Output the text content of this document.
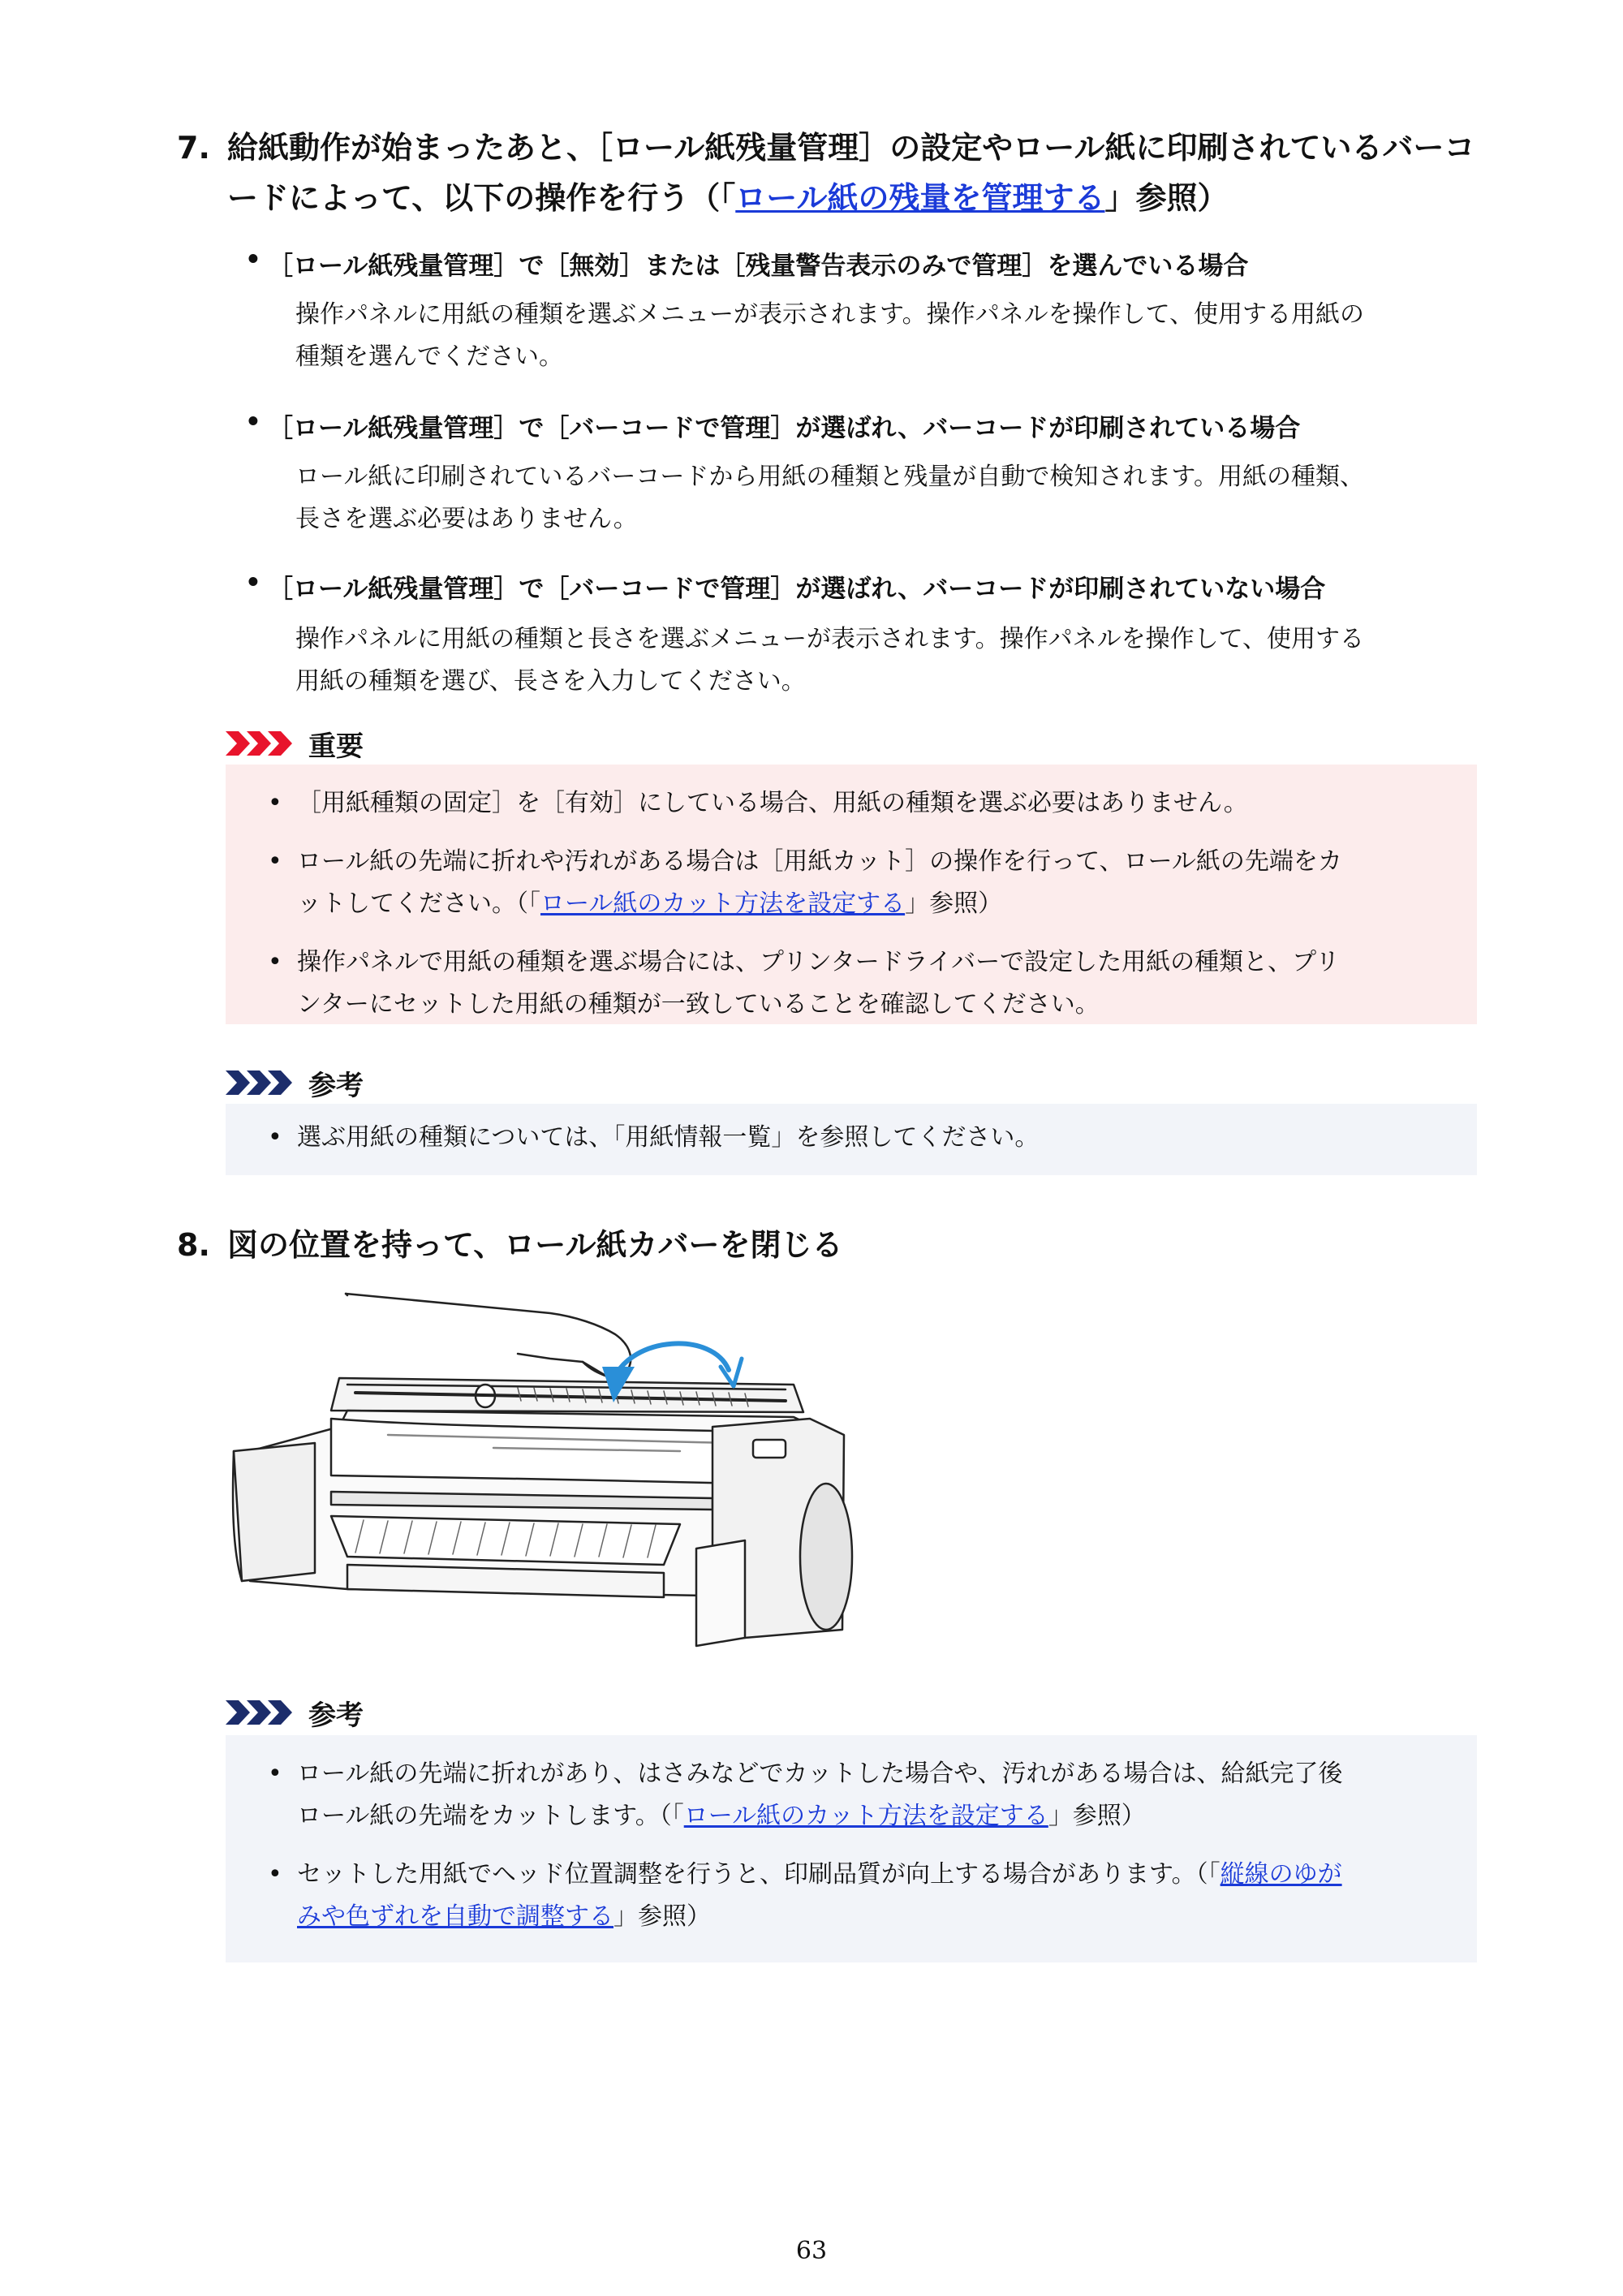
7. 給紙動作が始まったあと、［ロール紙残量管理］の設定やロール紙に印刷されているバーコ
ードによって、以下の操作を行う（「ロール紙の残量を管理する」参照）
• ［ロール紙残量管理］で［無効］または［残量警告表示のみで管理］を選んでいる場合
操作パネルに用紙の種類を選ぶメニューが表示されます。操作パネルを操作して、使用する用紙の
種類を選んでください。
• ［ロール紙残量管理］で［バーコードで管理］が選ばれ、バーコードが印刷されている場合
ロール紙に印刷されているバーコードから用紙の種類と残量が自動で検知されます。用紙の種類、
長さを選ぶ必要はありません。
• ［ロール紙残量管理］で［バーコードで管理］が選ばれ、バーコードが印刷されていない場合
操作パネルに用紙の種類と長さを選ぶメニューが表示されます。操作パネルを操作して、使用する
用紙の種類を選び、長さを入力してください。
重要
• ［用紙種類の固定］を［有効］にしている場合、用紙の種類を選ぶ必要はありません。
• ロール紙の先端に折れや汚れがある場合は［用紙カット］の操作を行って、ロール紙の先端をカ
ットしてください。（「ロール紙のカット方法を設定する」参照）
• 操作パネルで用紙の種類を選ぶ場合には、プリンタードライバーで設定した用紙の種類と、プリ
ンターにセットした用紙の種類が一致していることを確認してください。
参考
• 選ぶ用紙の種類については、「用紙情報一覧」を参照してください。
8. 図の位置を持って、ロール紙カバーを閉じる
参考
• ロール紙の先端に折れがあり、はさみなどでカットした場合や、汚れがある場合は、給紙完了後
ロール紙の先端をカットします。（「ロール紙のカット方法を設定する」参照）
• セットした用紙でヘッド位置調整を行うと、印刷品質が向上する場合があります。（「縦線のゆが
みや色ずれを自動で調整する」参照）
63
